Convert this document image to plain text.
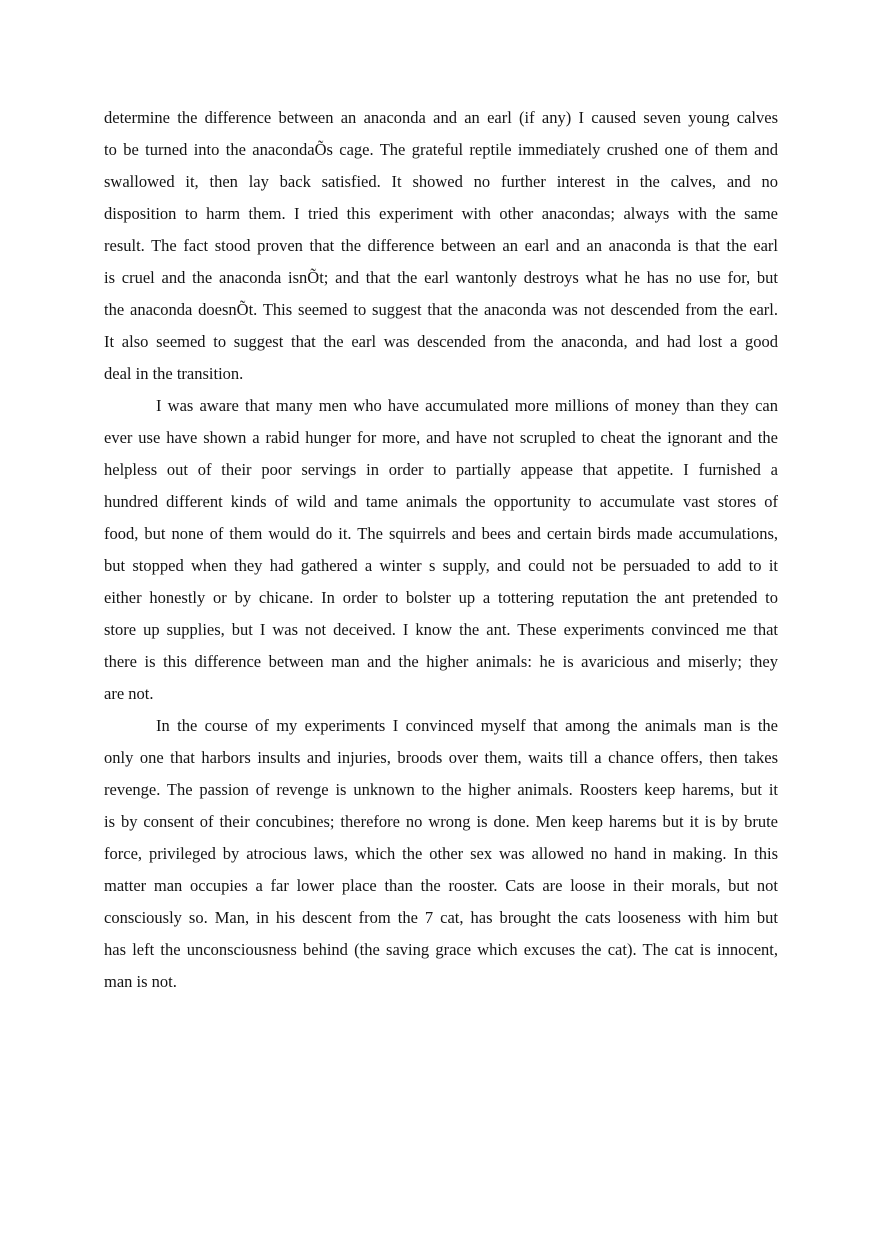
determine the difference between an anaconda and an earl (if any) I caused seven young calves
to be turned into the anacondaÕs cage. The grateful reptile immediately crushed one of them and
swallowed it, then lay back satisfied. It showed no further interest in the calves, and no
disposition to harm them. I tried this experiment with other anacondas; always with the same
result. The fact stood proven that the difference between an earl and an anaconda is that the earl
is cruel and the anaconda isnÕt; and that the earl wantonly destroys what he has no use for, but
the anaconda doesnÕt. This seemed to suggest that the anaconda was not descended from the earl.
It also seemed to suggest that the earl was descended from the anaconda, and had lost a good
deal in the transition.
I was aware that many men who have accumulated more millions of money than they can
ever use have shown a rabid hunger for more, and have not scrupled to cheat the ignorant and the
helpless out of their poor servings in order to partially appease that appetite. I furnished a
hundred different kinds of wild and tame animals the opportunity to accumulate vast stores of
food, but none of them would do it. The squirrels and bees and certain birds made accumulations,
but stopped when they had gathered a winter s supply, and could not be persuaded to add to it
either honestly or by chicane. In order to bolster up a tottering reputation the ant pretended to
store up supplies, but I was not deceived. I know the ant. These experiments convinced me that
there is this difference between man and the higher animals: he is avaricious and miserly; they
are not.
In the course of my experiments I convinced myself that among the animals man is the
only one that harbors insults and injuries, broods over them, waits till a chance offers, then takes
revenge. The passion of revenge is unknown to the higher animals. Roosters keep harems, but it
is by consent of their concubines; therefore no wrong is done. Men keep harems but it is by brute
force, privileged by atrocious laws, which the other sex was allowed no hand in making. In this
matter man occupies a far lower place than the rooster. Cats are loose in their morals, but not
consciously so. Man, in his descent from the 7 cat, has brought the cats looseness with him but
has left the unconsciousness behind (the saving grace which excuses the cat). The cat is innocent,
man is not.
